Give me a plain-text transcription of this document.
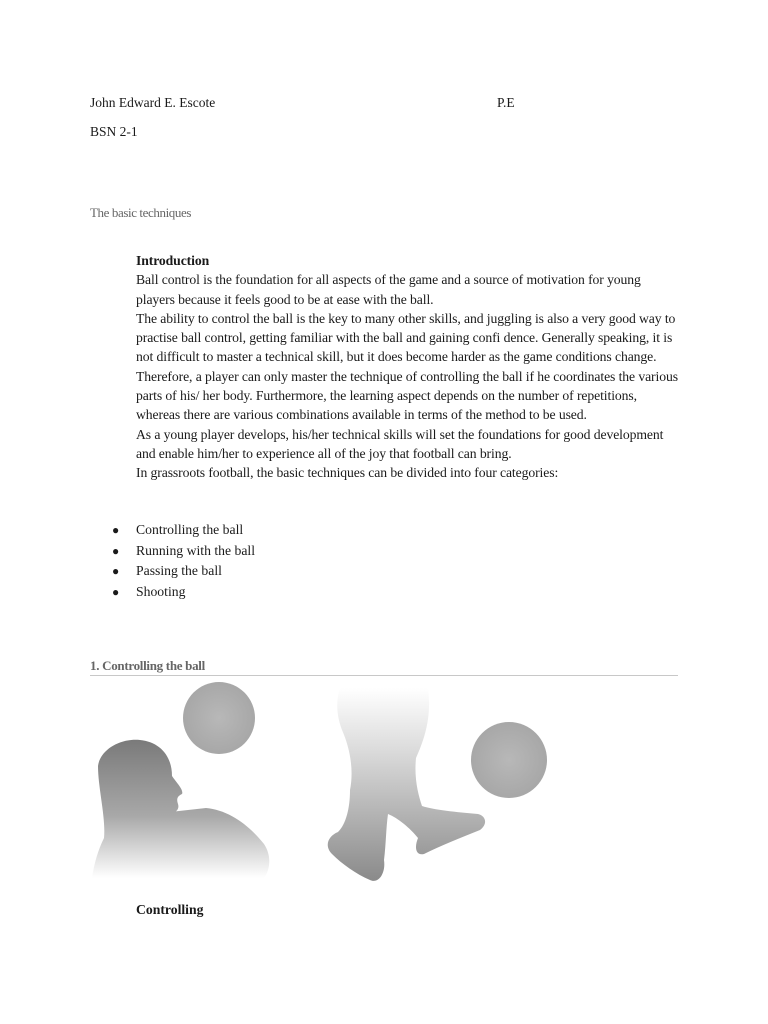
John Edward E. Escote	P.E
BSN 2-1
The basic techniques

Introduction

Ball control is the foundation for all aspects of the game and a source of motivation for young players because it feels good to be at ease with the ball.

The ability to control the ball is the key to many other skills, and juggling is also a very good way to practise ball control, getting familiar with the ball and gaining confi dence. Generally speaking, it is not difficult to master a technical skill, but it does become harder as the game conditions change.

Therefore, a player can only master the technique of controlling the ball if he coordinates the various parts of his/ her body. Furthermore, the learning aspect depends on the number of repetitions, whereas there are various combinations available in terms of the method to be used.

As a young player develops, his/her technical skills will set the foundations for good development and enable him/her to experience all of the joy that football can bring.

In grassroots football, the basic techniques can be divided into four categories:

● Controlling the ball
● Running with the ball
● Passing the ball
● Shooting
1. Controlling the ball
Controlling
